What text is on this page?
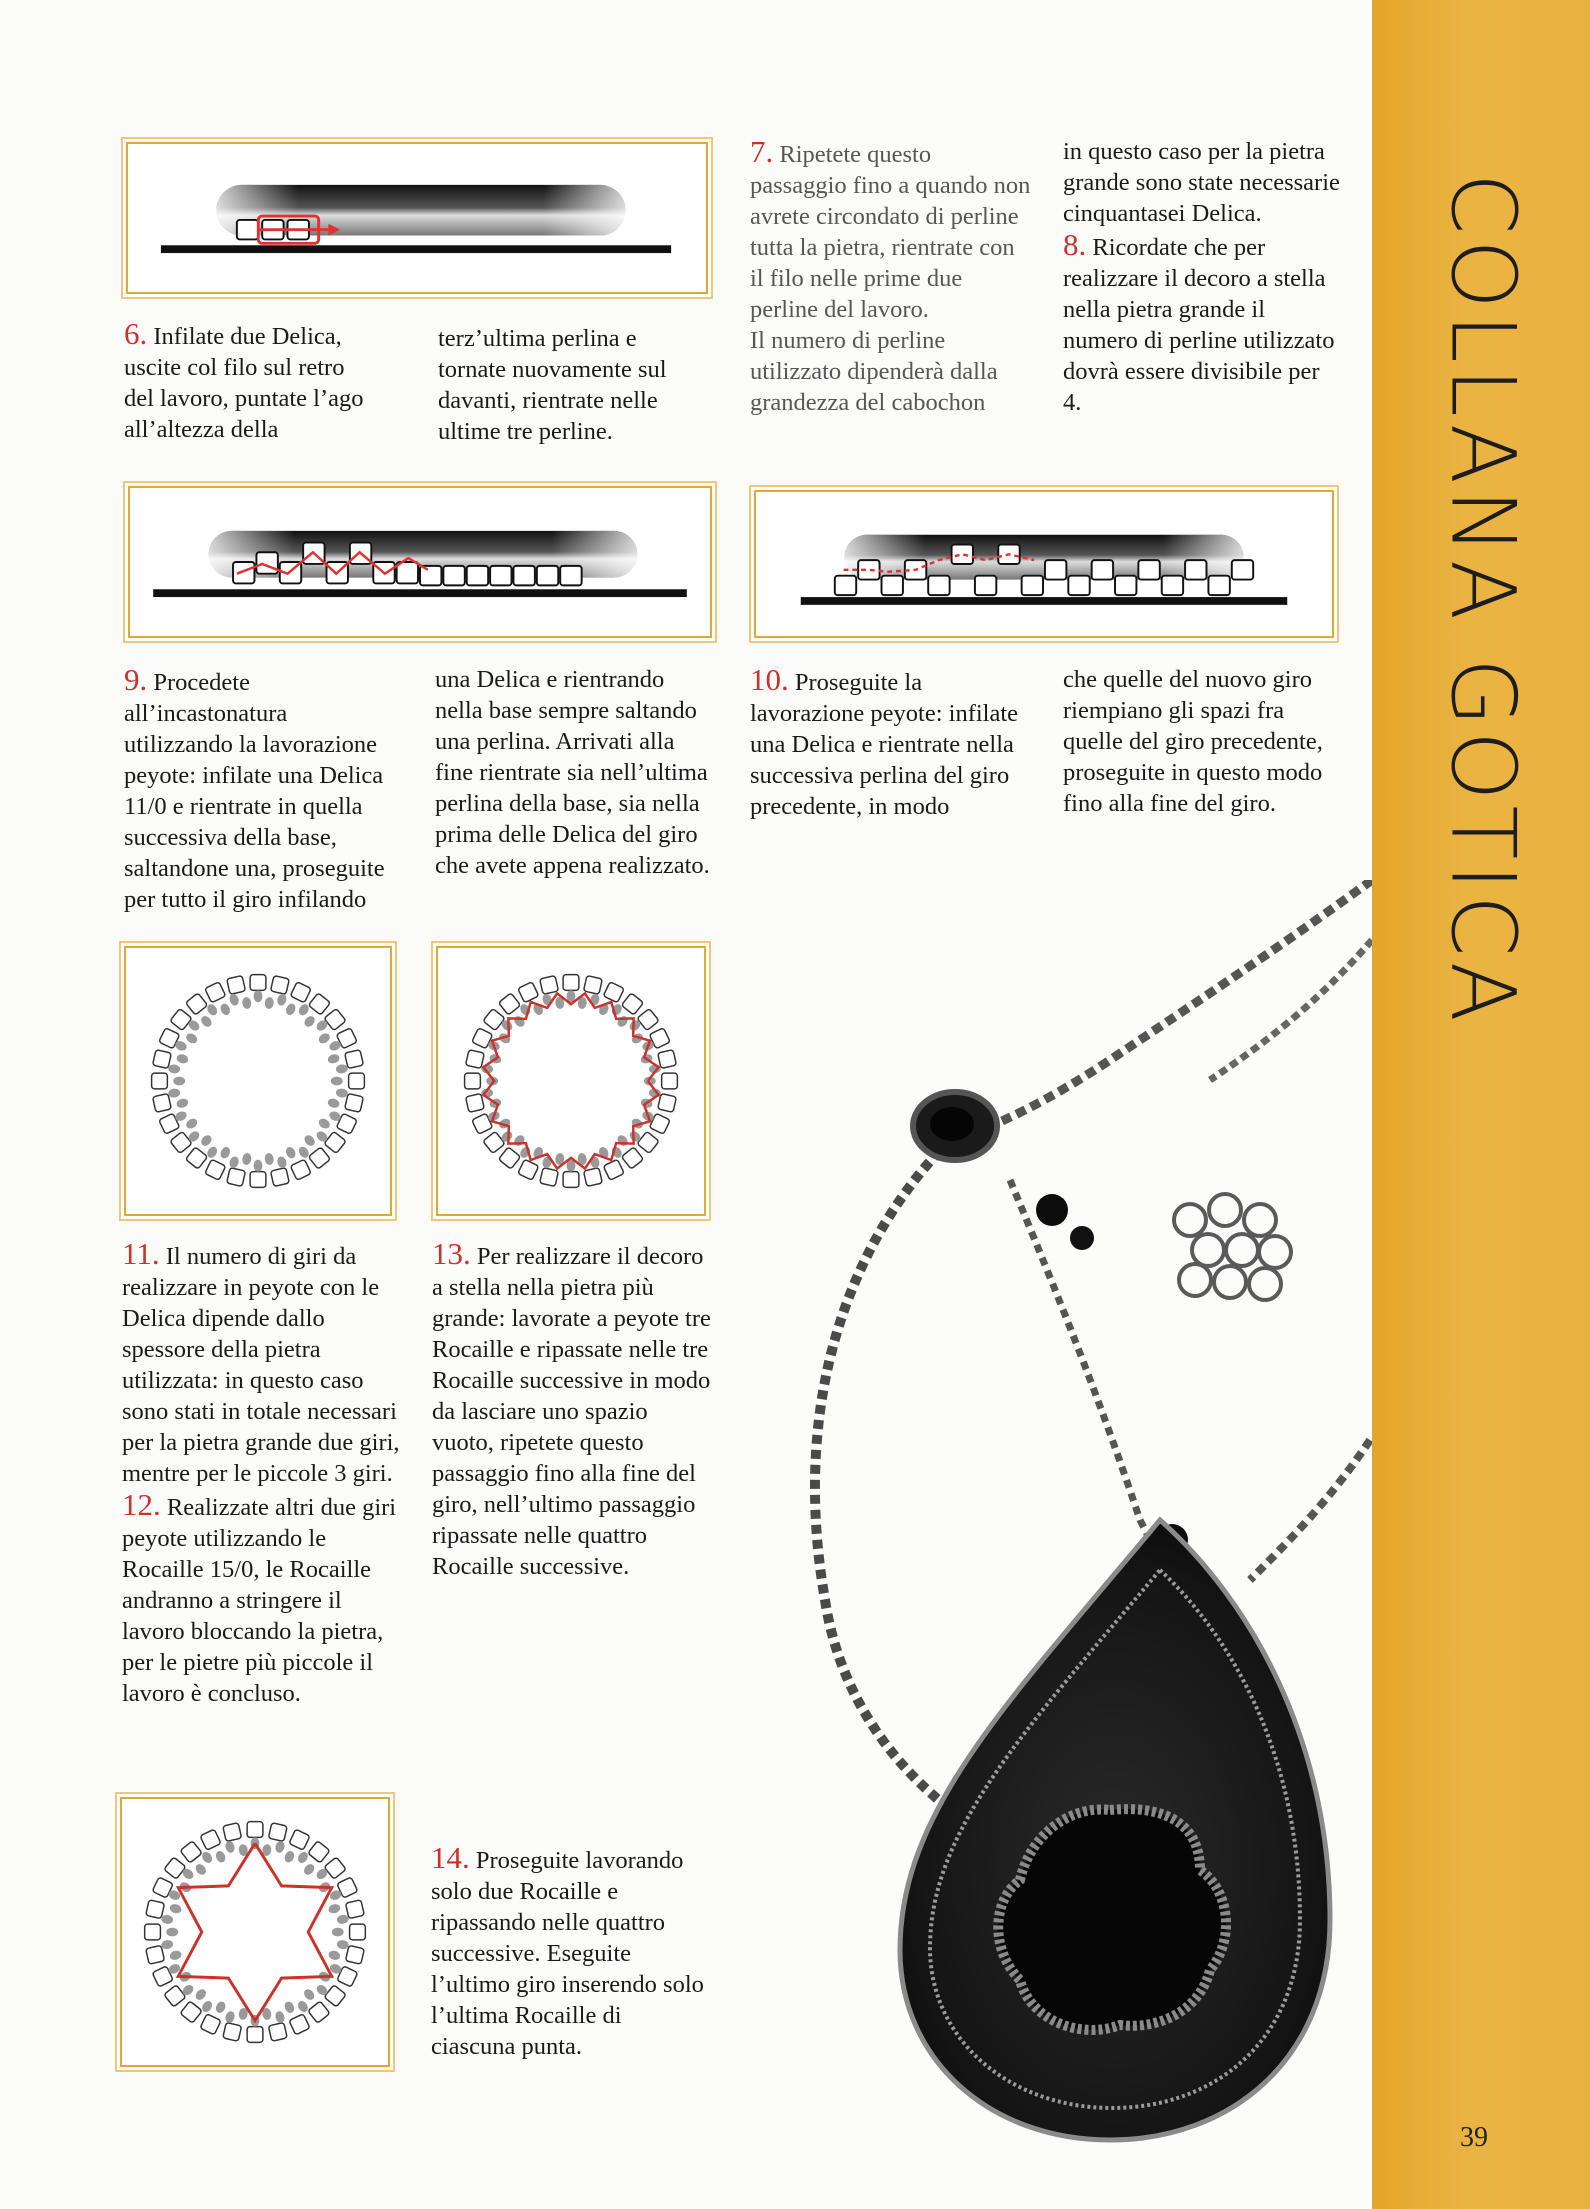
COLLANA GOTICA
39

6. Infilate due Delica, uscite col filo sul retro del lavoro, puntate l’ago all’altezza della

terz’ultima perlina e tornate nuovamente sul davanti, rientrate nelle ultime tre perline.

7. Ripetete questo passaggio fino a quando non avrete circondato di perline tutta la pietra, rientrate con il filo nelle prime due perline del lavoro.
Il numero di perline utilizzato dipenderà dalla grandezza del cabochon

in questo caso per la pietra grande sono state necessarie cinquantasei Delica.
8. Ricordate che per realizzare il decoro a stella nella pietra grande il numero di perline utilizzato dovrà essere divisibile per 4.

9. Procedete all’incastonatura utilizzando la lavorazione peyote: infilate una Delica 11/0 e rientrate in quella successiva della base, saltandone una, proseguite per tutto il giro infilando

una Delica e rientrando nella base sempre saltando una perlina. Arrivati alla fine rientrate sia nell’ultima perlina della base, sia nella prima delle Delica del giro che avete appena realizzato.

10. Proseguite la lavorazione peyote: infilate una Delica e rientrate nella successiva perlina del giro precedente, in modo

che quelle del nuovo giro riempiano gli spazi fra quelle del giro precedente, proseguite in questo modo fino alla fine del giro.

11. Il numero di giri da realizzare in peyote con le Delica dipende dallo spessore della pietra utilizzata: in questo caso sono stati in totale necessari per la pietra grande due giri, mentre per le piccole 3 giri.
12. Realizzate altri due giri peyote utilizzando le Rocaille 15/0, le Rocaille andranno a stringere il lavoro bloccando la pietra, per le pietre più piccole il lavoro è concluso.

13. Per realizzare il decoro a stella nella pietra più grande: lavorate a peyote tre Rocaille e ripassate nelle tre Rocaille successive in modo da lasciare uno spazio vuoto, ripetete questo passaggio fino alla fine del giro, nell’ultimo passaggio ripassate nelle quattro Rocaille successive.

14. Proseguite lavorando solo due Rocaille e ripassando nelle quattro successive. Eseguite l’ultimo giro inserendo solo l’ultima Rocaille di ciascuna punta.
